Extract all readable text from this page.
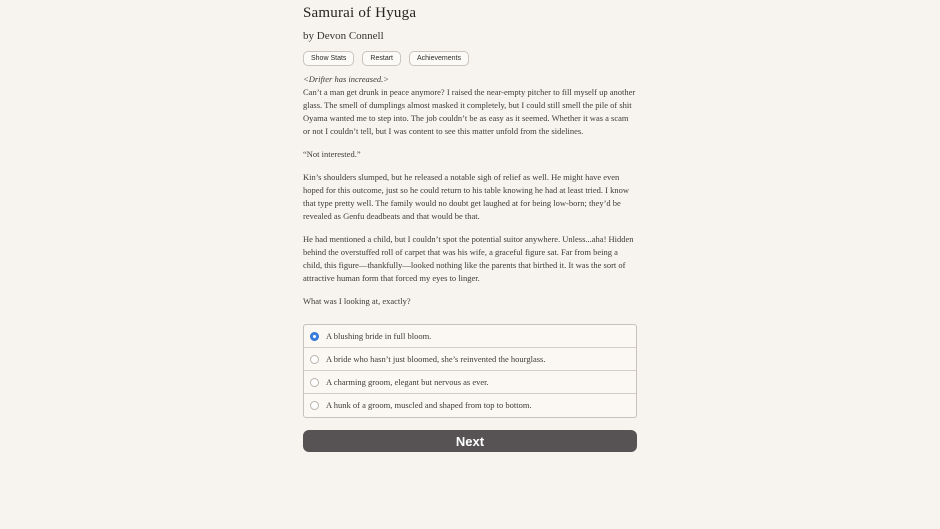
Samurai of Hyuga
by Devon Connell
Show Stats	Restart	Achievements
<Drifter has increased.>

Can’t a man get drunk in peace anymore? I raised the near-empty pitcher to fill myself up another glass. The smell of dumplings almost masked it completely, but I could still smell the pile of shit Oyama wanted me to step into. The job couldn’t be as easy as it seemed. Whether it was a scam or not I couldn’t tell, but I was content to see this matter unfold from the sidelines.

“Not interested.”

Kin’s shoulders slumped, but he released a notable sigh of relief as well. He might have even hoped for this outcome, just so he could return to his table knowing he had at least tried. I know that type pretty well. The family would no doubt get laughed at for being low-born; they’d be revealed as Genfu deadbeats and that would be that.

He had mentioned a child, but I couldn’t spot the potential suitor anywhere. Unless...aha! Hidden behind the overstuffed roll of carpet that was his wife, a graceful figure sat. Far from being a child, this figure—thankfully—looked nothing like the parents that birthed it. It was the sort of attractive human form that forced my eyes to linger.

What was I looking at, exactly?

A blushing bride in full bloom.
A bride who hasn’t just bloomed, she’s reinvented the hourglass.
A charming groom, elegant but nervous as ever.
A hunk of a groom, muscled and shaped from top to bottom.
Next
